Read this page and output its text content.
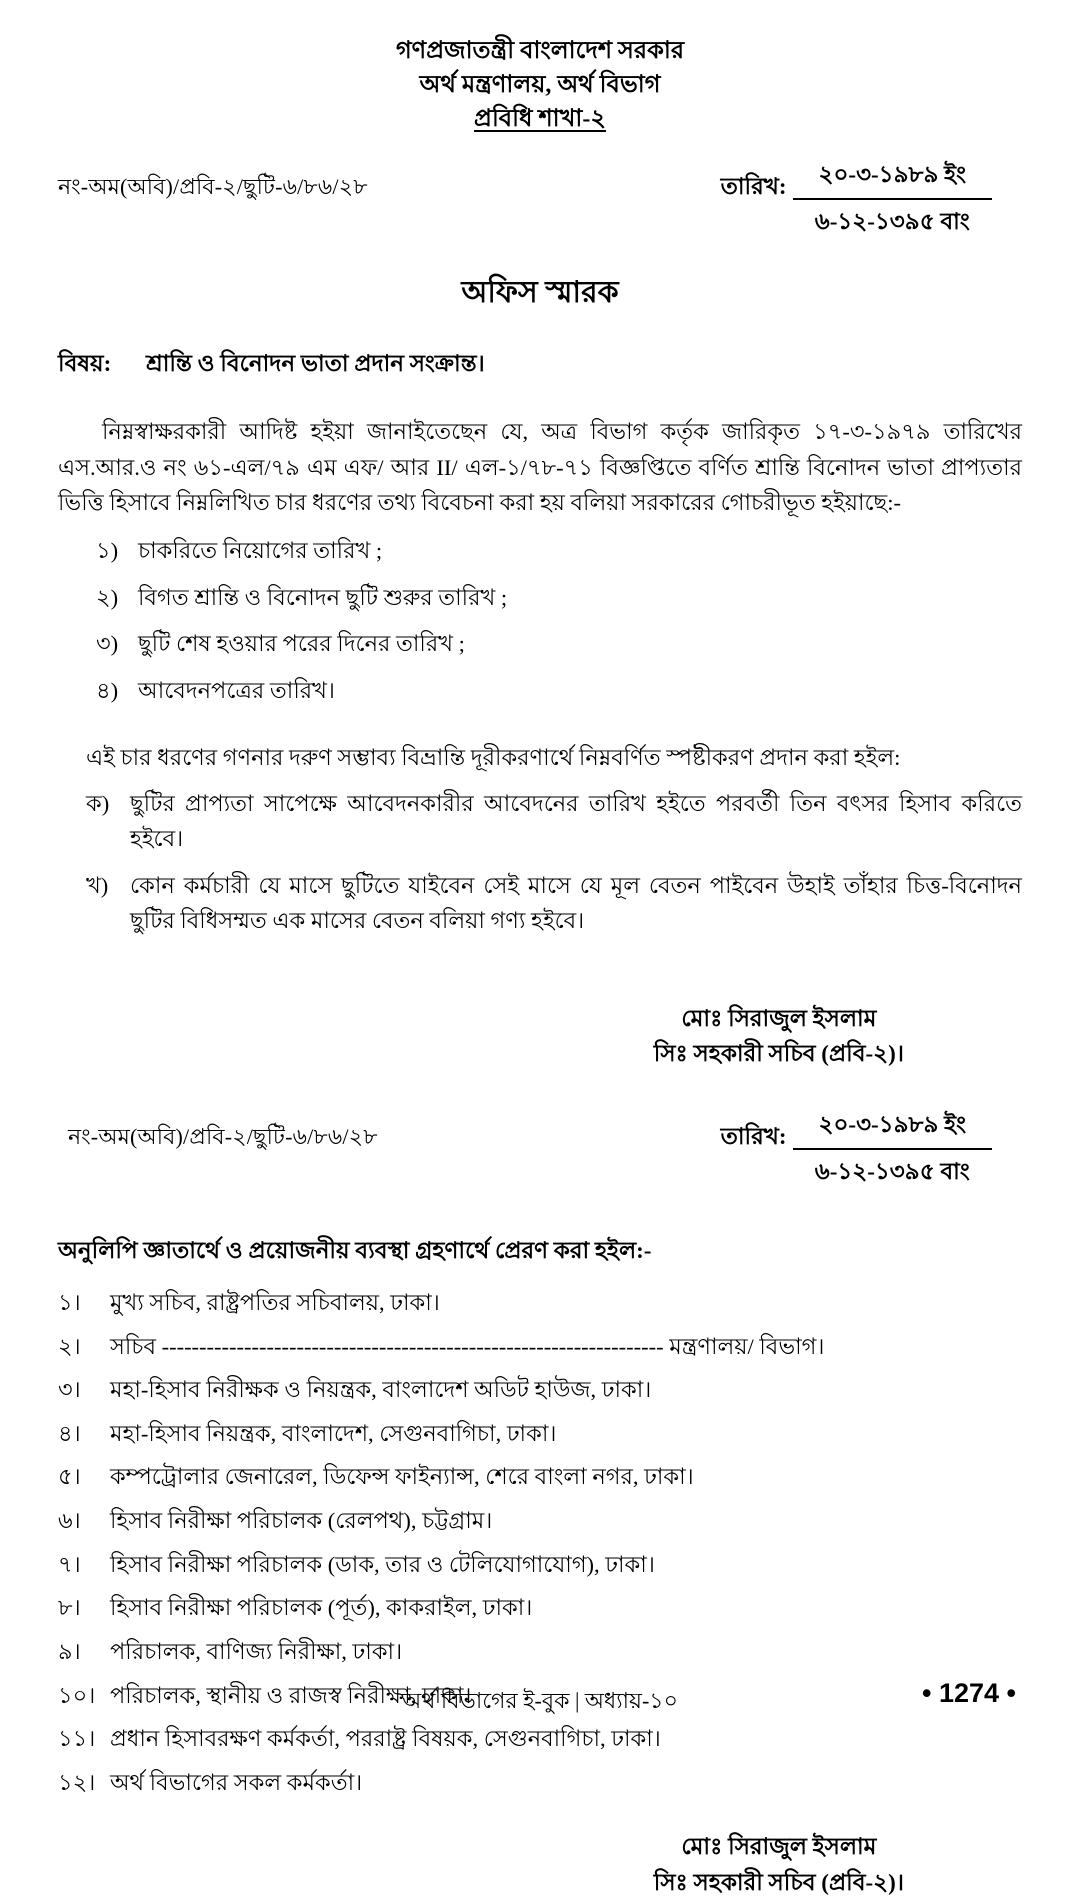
গণপ্রজাতন্ত্রী বাংলাদেশ সরকার
অর্থ মন্ত্রণালয়, অর্থ বিভাগ
প্রবিধি শাখা-২
নং-অম(অবি)/প্রবি-২/ছুটি-৬/৮৬/২৮	তারিখ: $\frac{\text{২০-৩-১৯৮৯ ইং}}{\text{৬-১২-১৩৯৫ বাং}}$
অফিস স্মারক
বিষয়:	শ্রান্তি ও বিনোদন ভাতা প্রদান সংক্রান্ত।
নিম্নস্বাক্ষরকারী আদিষ্ট হইয়া জানাইতেছেন যে, অত্র বিভাগ কর্তৃক জারিকৃত ১৭-৩-১৯৭৯ তারিখের এস.আর.ও নং ৬১-এল/৭৯ এম এফ/ আর II/ এল-১/৭৮-৭১ বিজ্ঞপ্তিতে বর্ণিত শ্রান্তি বিনোদন ভাতা প্রাপ্যতার ভিত্তি হিসাবে নিম্নলিখিত চার ধরণের তথ্য বিবেচনা করা হয় বলিয়া সরকারের গোচরীভূত হইয়াছে:-
১) চাকরিতে নিয়োগের তারিখ ;
২) বিগত শ্রান্তি ও বিনোদন ছুটি শুরুর তারিখ ;
৩) ছুটি শেষ হওয়ার পরের দিনের তারিখ ;
৪) আবেদনপত্রের তারিখ।
এই চার ধরণের গণনার দরুণ সম্ভাব্য বিভ্রান্তি দূরীকরণার্থে নিম্নবর্ণিত স্পষ্টীকরণ প্রদান করা হইল:
ক) ছুটির প্রাপ্যতা সাপেক্ষে আবেদনকারীর আবেদনের তারিখ হইতে পরবর্তী তিন বৎসর হিসাব করিতে হইবে।
খ) কোন কর্মচারী যে মাসে ছুটিতে যাইবেন সেই মাসে যে মূল বেতন পাইবেন উহাই তাঁহার চিত্ত-বিনোদন ছুটির বিধিসম্মত এক মাসের বেতন বলিয়া গণ্য হইবে।
মোঃ সিরাজুল ইসলাম
সিঃ সহকারী সচিব (প্রবি-২)।
নং-অম(অবি)/প্রবি-২/ছুটি-৬/৮৬/২৮	তারিখ: $\frac{\text{২০-৩-১৯৮৯ ইং}}{\text{৬-১২-১৩৯৫ বাং}}$
অনুলিপি জ্ঞাতার্থে ও প্রয়োজনীয় ব্যবস্থা গ্রহণার্থে প্রেরণ করা হইল:-
১।	মুখ্য সচিব, রাষ্ট্রপতির সচিবালয়, ঢাকা।
২।	সচিব ------------------------------------------------------------------- মন্ত্রণালয়/ বিভাগ।
৩।	মহা-হিসাব নিরীক্ষক ও নিয়ন্ত্রক, বাংলাদেশ অডিট হাউজ, ঢাকা।
৪।	মহা-হিসাব নিয়ন্ত্রক, বাংলাদেশ, সেগুনবাগিচা, ঢাকা।
৫।	কম্পট্রোলার জেনারেল, ডিফেন্স ফাইন্যান্স, শেরে বাংলা নগর, ঢাকা।
৬।	হিসাব নিরীক্ষা পরিচালক (রেলপথ), চট্টগ্রাম।
৭।	হিসাব নিরীক্ষা পরিচালক (ডাক, তার ও টেলিযোগাযোগ), ঢাকা।
৮।	হিসাব নিরীক্ষা পরিচালক (পূর্ত), কাকরাইল, ঢাকা।
৯।	পরিচালক, বাণিজ্য নিরীক্ষা, ঢাকা।
১০। পরিচালক, স্থানীয় ও রাজস্ব নিরীক্ষা, ঢাকা।
১১। প্রধান হিসাবরক্ষণ কর্মকর্তা, পররাষ্ট্র বিষয়ক, সেগুনবাগিচা, ঢাকা।
১২। অর্থ বিভাগের সকল কর্মকর্তা।
মোঃ সিরাজুল ইসলাম
সিঃ সহকারী সচিব (প্রবি-২)।
অর্থ বিভাগের ই-বুক | অধ্যায়-১০	• 1274 •
